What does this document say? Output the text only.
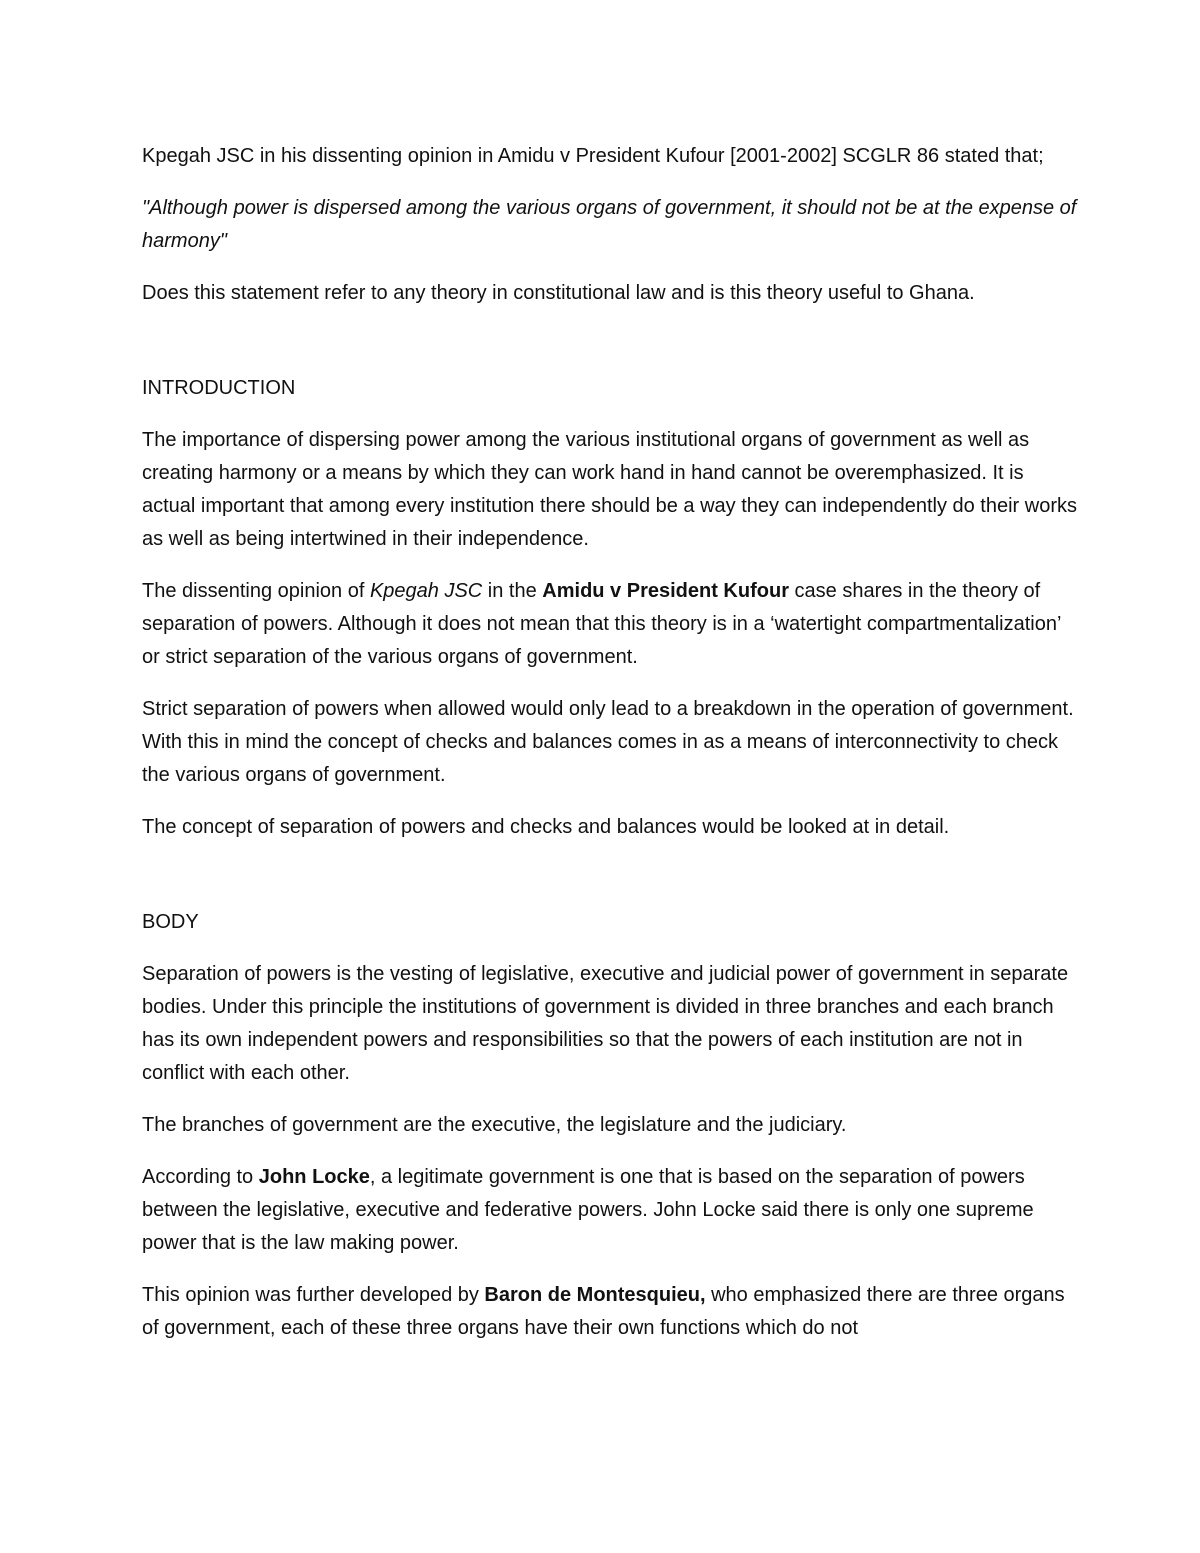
Kpegah JSC in his dissenting opinion in Amidu v President Kufour [2001-2002] SCGLR 86 stated that;

"Although power is dispersed among the various organs of government, it should not be at the expense of harmony"

Does this statement refer to any theory in constitutional law and is this theory useful to Ghana.

INTRODUCTION

The importance of dispersing power among the various institutional organs of government as well as creating harmony or a means by which they can work hand in hand cannot be overemphasized. It is actual important that among every institution there should be a way they can independently do their works as well as being intertwined in their independence.

The dissenting opinion of Kpegah JSC in the Amidu v President Kufour case shares in the theory of separation of powers. Although it does not mean that this theory is in a ‘watertight compartmentalization’ or strict separation of the various organs of government.

Strict separation of powers when allowed would only lead to a breakdown in the operation of government. With this in mind the concept of checks and balances comes in as a means of interconnectivity to check the various organs of government.

The concept of separation of powers and checks and balances would be looked at in detail.

BODY

Separation of powers is the vesting of legislative, executive and judicial power of government in separate bodies. Under this principle the institutions of government is divided in three branches and each branch has its own independent powers and responsibilities so that the powers of each institution are not in conflict with each other.

The branches of government are the executive, the legislature and the judiciary.

According to John Locke, a legitimate government is one that is based on the separation of powers between the legislative, executive and federative powers. John Locke said there is only one supreme power that is the law making power.

This opinion was further developed by Baron de Montesquieu, who emphasized there are three organs of government, each of these three organs have their own functions which do not
